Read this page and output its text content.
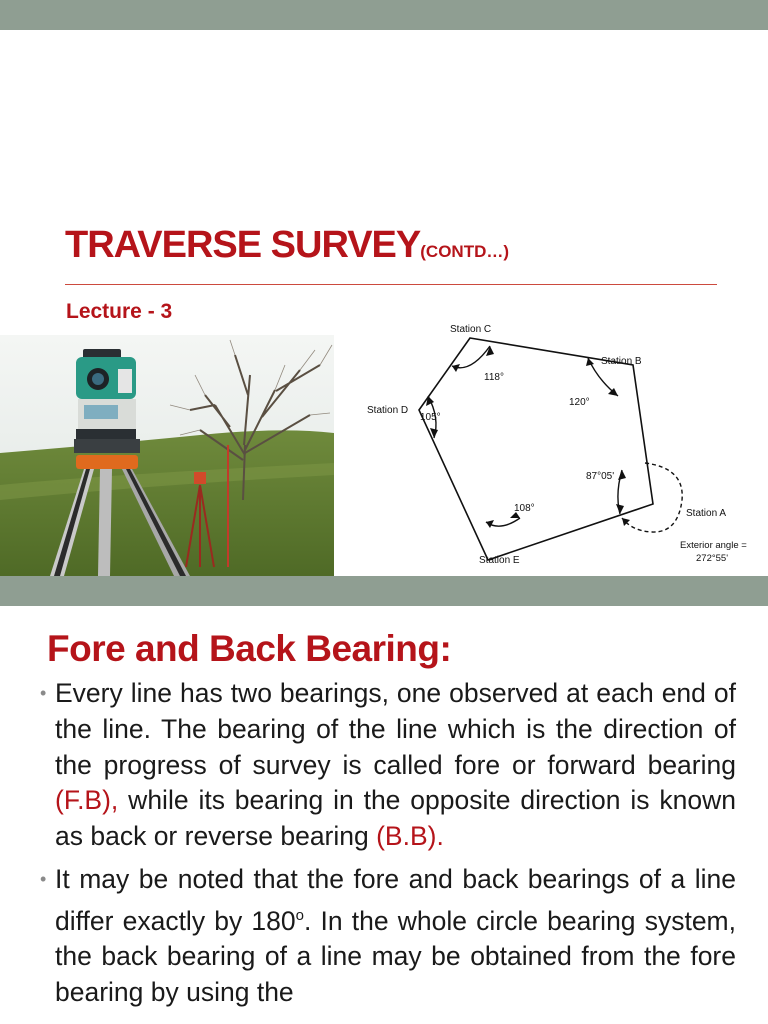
TRAVERSE SURVEY(CONTD…)
Lecture - 3
Station C
Station B
Station D
Station A
Station E
118°
120°
105°
87°05'
108°
Exterior angle =
272°55'
Fore and Back Bearing:
• Every line has two bearings, one observed at each end of the line. The bearing of the line which is the direction of the progress of survey is called fore or forward bearing (F.B), while its bearing in the opposite direction is known as back or reverse bearing (B.B).
• It may be noted that the fore and back bearings of a line differ exactly by 180$^o$. In the whole circle bearing system, the back bearing of a line may be obtained from the fore bearing by using the
